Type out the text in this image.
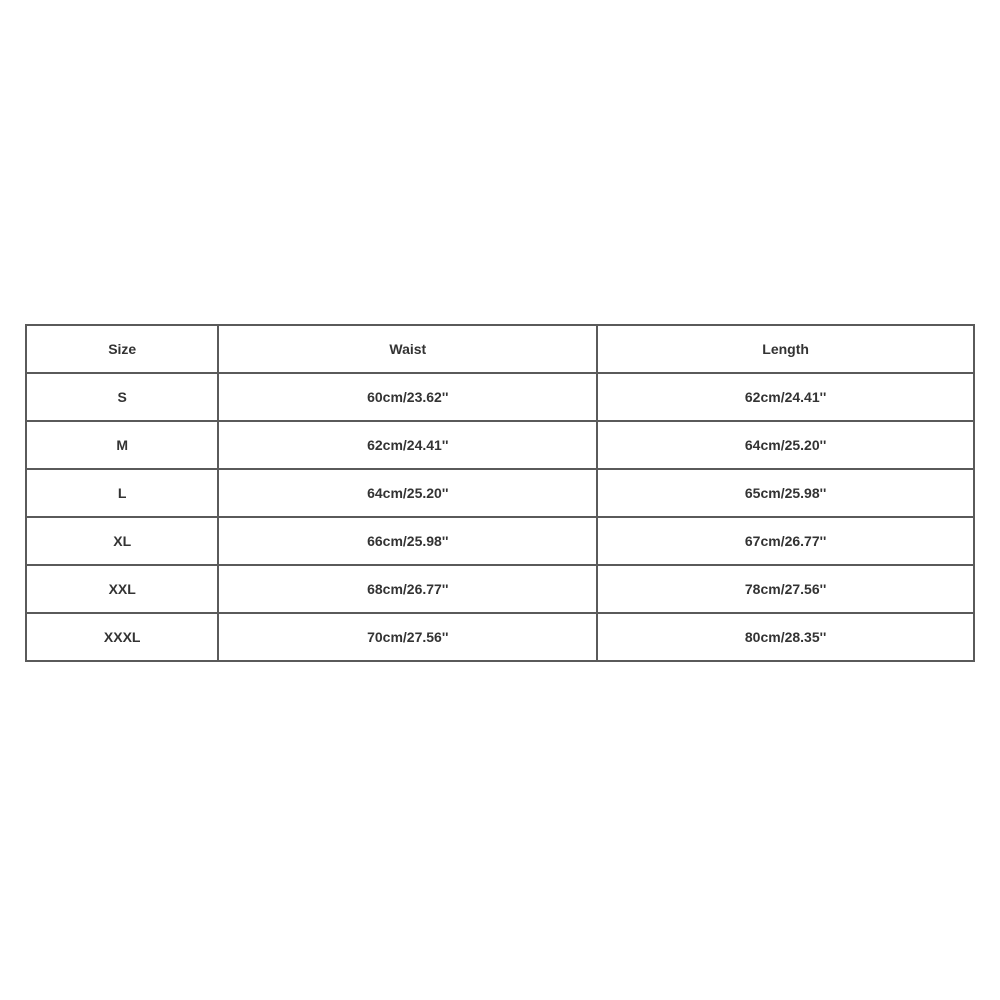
Size	Waist	Length
S	60cm/23.62''	62cm/24.41''
M	62cm/24.41''	64cm/25.20''
L	64cm/25.20''	65cm/25.98''
XL	66cm/25.98''	67cm/26.77''
XXL	68cm/26.77''	78cm/27.56''
XXXL	70cm/27.56''	80cm/28.35''
